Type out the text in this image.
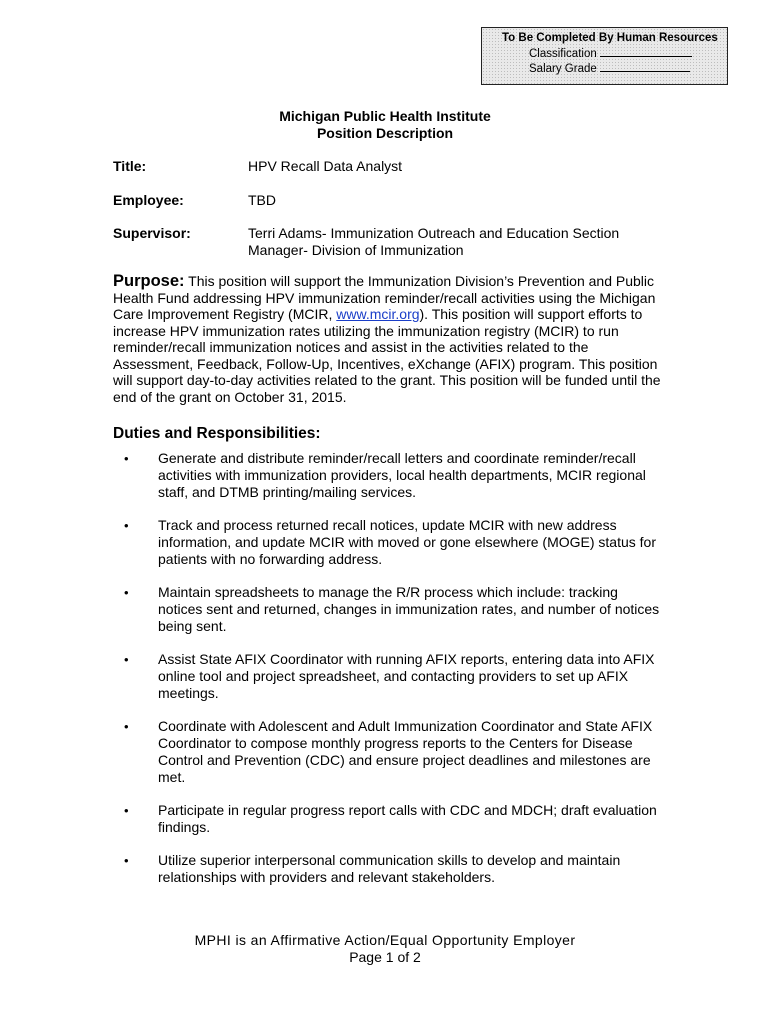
To Be Completed By Human Resources
Classification
Salary Grade
Michigan Public Health Institute
Position Description
Title:	HPV Recall Data Analyst
Employee:	TBD
Supervisor:	Terri Adams- Immunization Outreach and Education Section Manager- Division of Immunization
Purpose: This position will support the Immunization Division’s Prevention and Public Health Fund addressing HPV immunization reminder/recall activities using the Michigan Care Improvement Registry (MCIR, www.mcir.org). This position will support efforts to increase HPV immunization rates utilizing the immunization registry (MCIR) to run reminder/recall immunization notices and assist in the activities related to the Assessment, Feedback, Follow-Up, Incentives, eXchange (AFIX) program. This position will support day-to-day activities related to the grant. This position will be funded until the end of the grant on October 31, 2015.
Duties and Responsibilities:
• Generate and distribute reminder/recall letters and coordinate reminder/recall activities with immunization providers, local health departments, MCIR regional staff, and DTMB printing/mailing services.
• Track and process returned recall notices, update MCIR with new address information, and update MCIR with moved or gone elsewhere (MOGE) status for patients with no forwarding address.
• Maintain spreadsheets to manage the R/R process which include: tracking notices sent and returned, changes in immunization rates, and number of notices being sent.
• Assist State AFIX Coordinator with running AFIX reports, entering data into AFIX online tool and project spreadsheet, and contacting providers to set up AFIX meetings.
• Coordinate with Adolescent and Adult Immunization Coordinator and State AFIX Coordinator to compose monthly progress reports to the Centers for Disease Control and Prevention (CDC) and ensure project deadlines and milestones are met.
• Participate in regular progress report calls with CDC and MDCH; draft evaluation findings.
• Utilize superior interpersonal communication skills to develop and maintain relationships with providers and relevant stakeholders.
MPHI is an Affirmative Action/Equal Opportunity Employer
Page 1 of 2
